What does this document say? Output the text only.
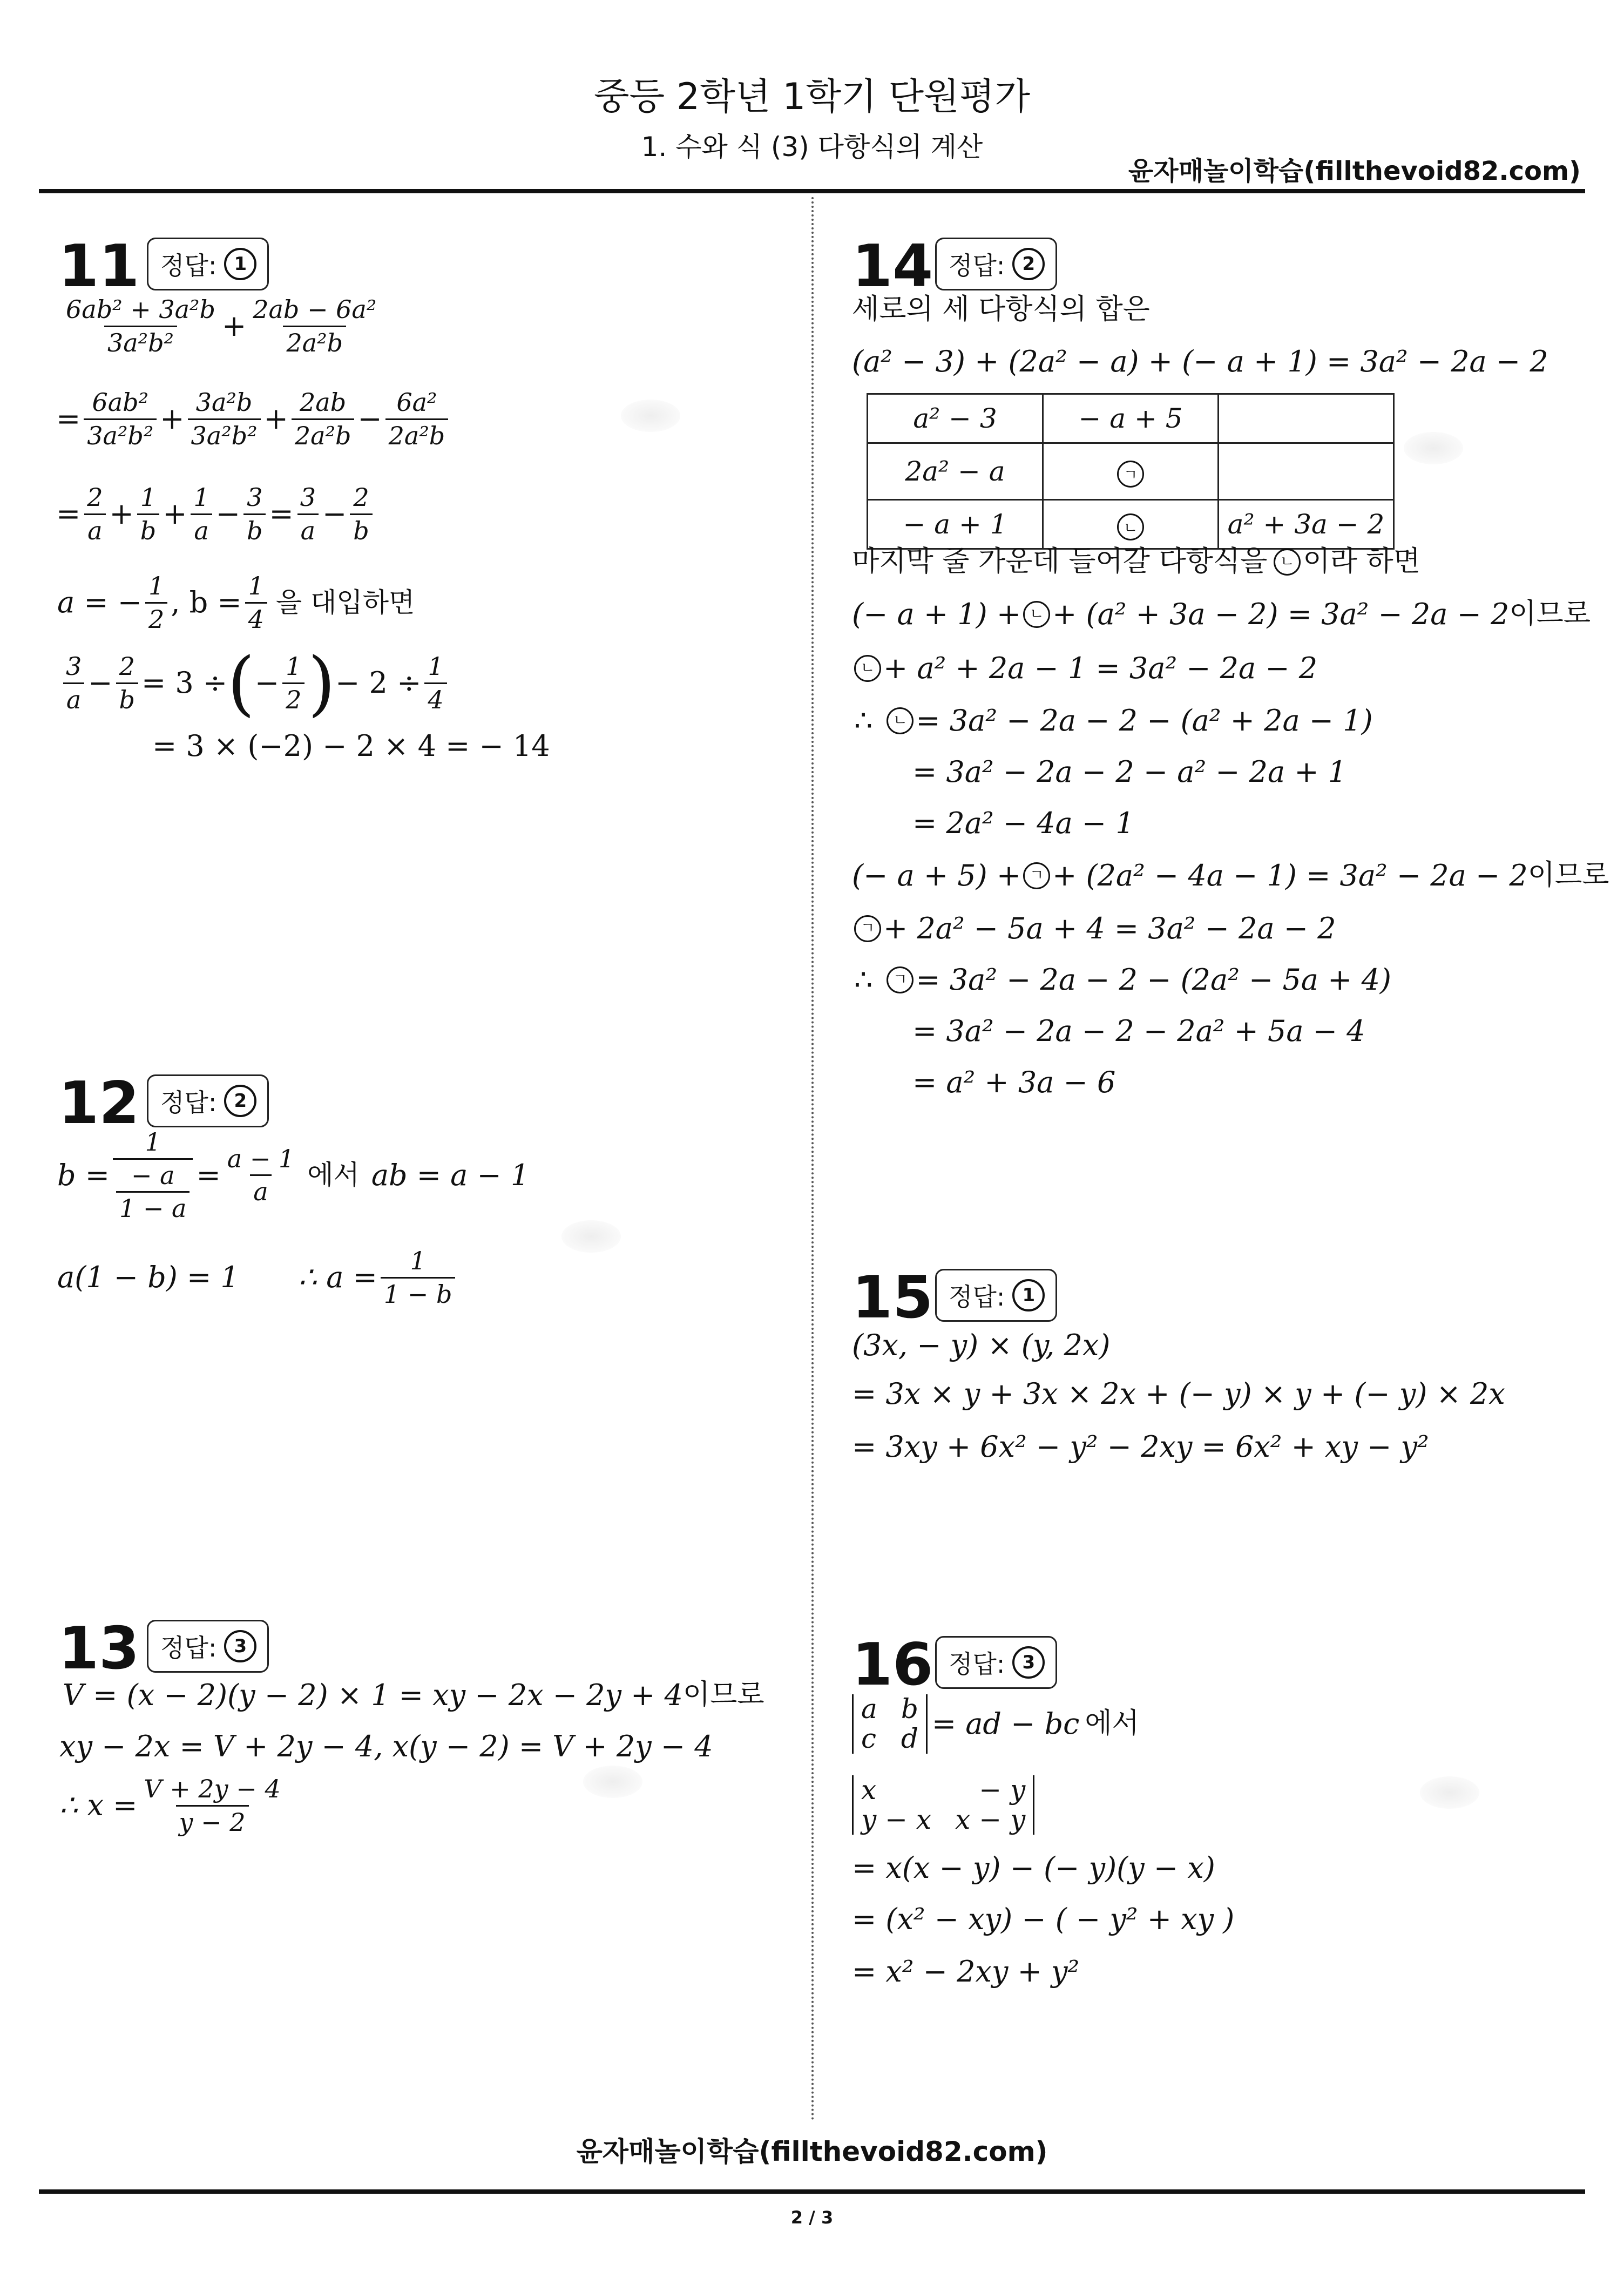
중등 2학년 1학기 단원평가
1. 수와 식 (3) 다항식의 계산
윤자매놀이학습(fillthevoid82.com)
11 정답: 1
$\frac{\text{6ab² + 3a²b}}{\text{3a²b²}} + \frac{\text{2ab − 6a²}}{\text{2a²b}}$
= $\frac{\text{6ab²}}{\text{3a²b²}} + \frac{\text{3a²b}}{\text{3a²b²}} + \frac{2ab}{\text{2a²b}} - \frac{\text{6a²}}{\text{2a²b}}$
= $\frac{2}{a} + \frac{1}{b} + \frac{1}{a} - \frac{3}{b} = \frac{3}{a} - \frac{2}{b}$
a = − $\frac{1}{2}$ , $b = \frac{1}{4}$ 을 대입하면
$\frac{3}{a} - \frac{2}{b} = 3$ ÷ ( − $\frac{1}{2}$ ) − $2 \div \frac{1}{4}$
= 3 × (−2) − 2 × 4 = − 14
12 정답: 2
$b = \frac{1}{\frac{- a}{1 - a}} = \frac{a - 1}{a}$ 에서 ab = a − 1
a(1 − b) = 1 ∴ $a = \frac{1}{1 - b}$
13 정답: 3
V = (x − 2)(y − 2) × 1 = xy − 2x − 2y + 4 이므로
xy − 2x = V + 2y − 4, x(y − 2) = V + 2y − 4
∴ $x = \frac{V + 2y - 4}{y - 2}$
14 정답: 2
세로의 세 다항식의 합은
(a² − 3) + (2a² − a) + (− a + 1) = 3a² − 2a − 2
a² − 3	− a + 5	
2a² − a	ㄱ	
− a + 1	ㄴ	a² + 3a − 2
마지막 줄 가운데 들어갈 다항식을 ㄴ 이라 하면
(− a + 1) + ㄴ + (a² + 3a − 2) = 3a² − 2a − 2 이므로
ㄴ + a² + 2a − 1 = 3a² − 2a − 2
∴	ㄴ = 3a² − 2a − 2 − (a² + 2a − 1)
= 3a² − 2a − 2 − a² − 2a + 1
= 2a² − 4a − 1
(− a + 5) + ㄱ + (2a² − 4a − 1) = 3a² − 2a − 2 이므로
ㄱ + 2a² − 5a + 4 = 3a² − 2a − 2
∴	ㄱ = 3a² − 2a − 2 − (2a² − 5a + 4)
= 3a² − 2a − 2 − 2a² + 5a − 4
= a² + 3a − 6
15 정답: 1
(3x, − y) × (y, 2x)
= 3x × y + 3x × 2x + (− y) × y + (− y) × 2x
= 3xy + 6x² − y² − 2xy = 6x² + xy − y²
16 정답: 3
a b
c d = ad − bc 에서
x	− y
y − x x − y
= x(x − y) − (− y)(y − x)
= (x² − xy) − ( − y² + xy )
= x² − 2xy + y²
윤자매놀이학습(fillthevoid82.com)
2 / 3
